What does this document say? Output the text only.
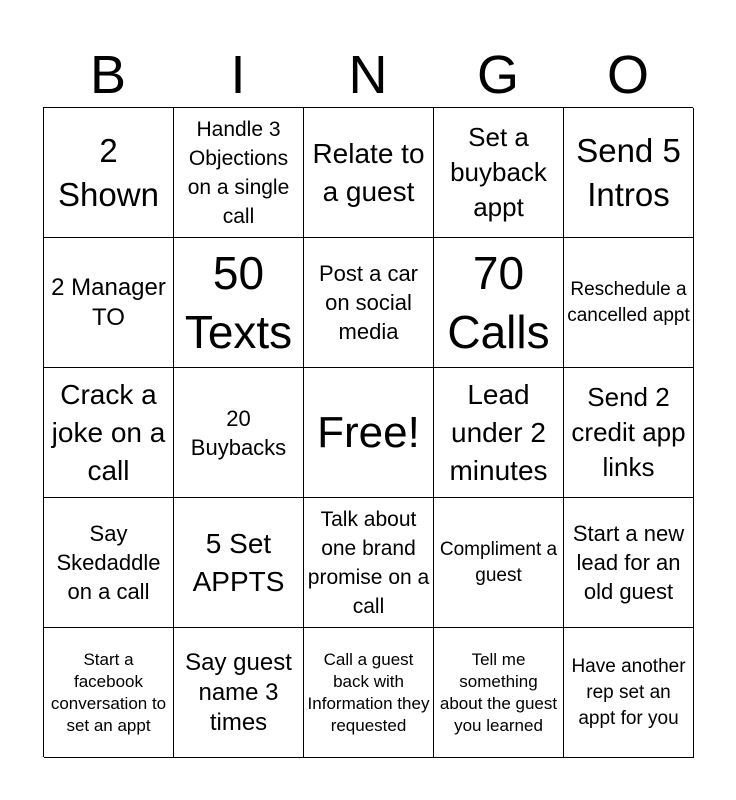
B	I	N	G	O
2 Shown
Handle 3 Objections on a single call
Relate to a guest
Set a buyback appt
Send 5 Intros
2 Manager TO
50 Texts
Post a car on social media
70 Calls
Reschedule a cancelled appt
Crack a joke on a call
20 Buybacks Free!
Lead under 2 minutes
Send 2 credit app links
Say Skedaddle on a call
5 Set APPTS
Talk about one brand promise on a call
Compliment a guest
Start a new lead for an old guest
Start a facebook conversation to set an appt
Say guest name 3 times
Call a guest back with Information they requested
Tell me something about the guest you learned
Have another rep set an appt for you
